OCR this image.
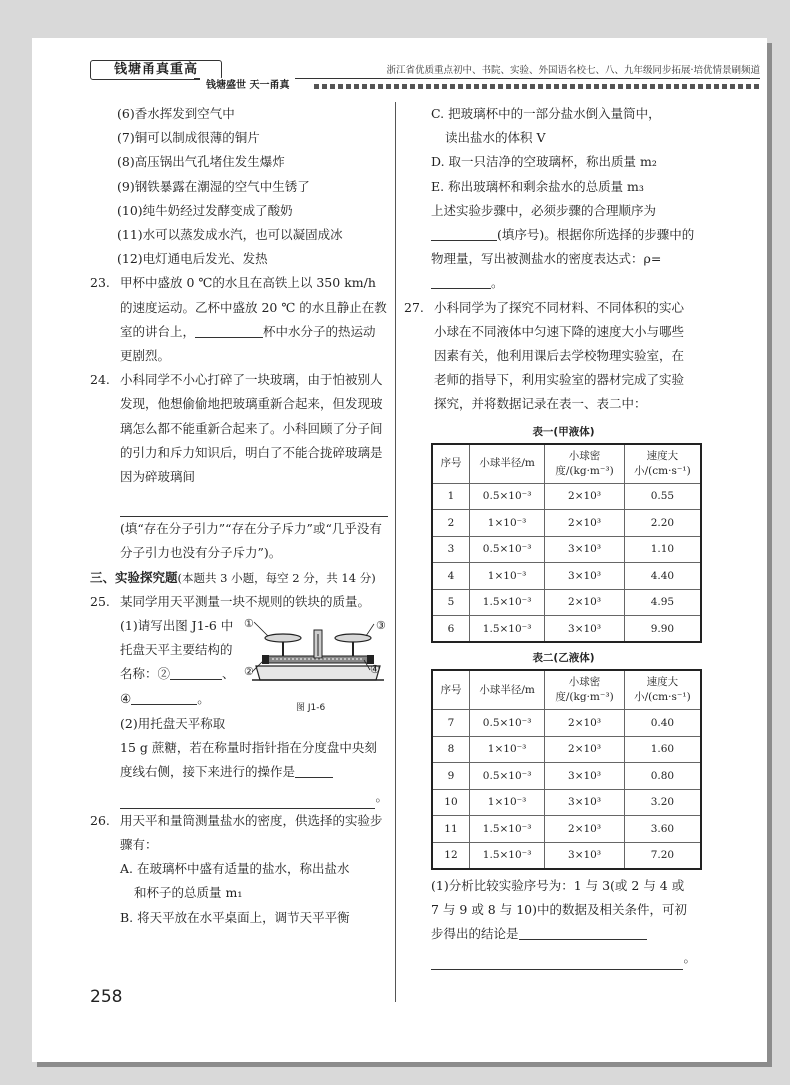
钱塘甬真重高	浙江省优质重点初中、书院、实验、外国语名校七、八、九年级同步拓展·培优情景刷频道
钱塘盛世 天一甬真
(6)香水挥发到空气中
(7)铜可以制成很薄的铜片
(8)高压锅出气孔堵住发生爆炸
(9)钢铁暴露在潮湿的空气中生锈了
(10)纯牛奶经过发酵变成了酸奶
(11)水可以蒸发成水汽，也可以凝固成冰
(12)电灯通电后发光、发热
23. 甲杯中盛放 0 ℃的水且在高铁上以 350 km/h 的速度运动。乙杯中盛放 20 ℃ 的水且静止在教室的讲台上，	杯中水分子的热运动更剧烈。
24. 小科同学不小心打碎了一块玻璃，由于怕被别人发现，他想偷偷地把玻璃重新合起来，但发现玻璃怎么都不能重新合起来了。小科回顾了分子间的引力和斥力知识后，明白了不能合拢碎玻璃是因为碎玻璃间
(填“存在分子引力”“存在分子斥力”或“几乎没有分子引力也没有分子斥力”)。
三、实验探究题(本题共 3 小题，每空 2 分，共 14 分)
25. 某同学用天平测量一块不规则的铁块的质量。
(1)请写出图 J1-6 中托盘天平主要结构的名称：②	、
④	。
①
②
③
④
图 J1-6
(2)用托盘天平称取
15 g 蔗糖，若在称量时指针指在分度盘中央刻度线右侧，接下来进行的操作是
。
26. 用天平和量筒测量盐水的密度，供选择的实验步骤有：
A. 在玻璃杯中盛有适量的盐水，称出盐水
和杯子的总质量 m₁
B. 将天平放在水平桌面上，调节天平平衡
C. 把玻璃杯中的一部分盐水倒入量筒中，
读出盐水的体积 V
D. 取一只洁净的空玻璃杯，称出质量 m₂
E. 称出玻璃杯和剩余盐水的总质量 m₃
上述实验步骤中，必须步骤的合理顺序为(填序号)。根据你所选择的步骤中的物理量，写出被测盐水的密度表达式：ρ=。
27. 小科同学为了探究不同材料、不同体积的实心小球在不同液体中匀速下降的速度大小与哪些因素有关，他利用课后去学校物理实验室，在老师的指导下，利用实验室的器材完成了实验探究，并将数据记录在表一、表二中：
表一(甲液体)
序号	小球半径/m	小球密度/(kg·m⁻³)	速度大小/(cm·s⁻¹)
1	0.5×10⁻³	2×10³	0.55
2	1×10⁻³	2×10³	2.20
3	0.5×10⁻³	3×10³	1.10
4	1×10⁻³	3×10³	4.40
5	1.5×10⁻³	2×10³	4.95
6	1.5×10⁻³	3×10³	9.90
表二(乙液体)
序号	小球半径/m	小球密度/(kg·m⁻³)	速度大小/(cm·s⁻¹)
7	0.5×10⁻³	2×10³	0.40
8	1×10⁻³	2×10³	1.60
9	0.5×10⁻³	3×10³	0.80
10	1×10⁻³	3×10³	3.20
11	1.5×10⁻³	2×10³	3.60
12	1.5×10⁻³	3×10³	7.20
(1)分析比较实验序号为：1 与 3(或 2 与 4 或 7 与 9 或 8 与 10)中的数据及相关条件，可初步得出的结论是
。
258
